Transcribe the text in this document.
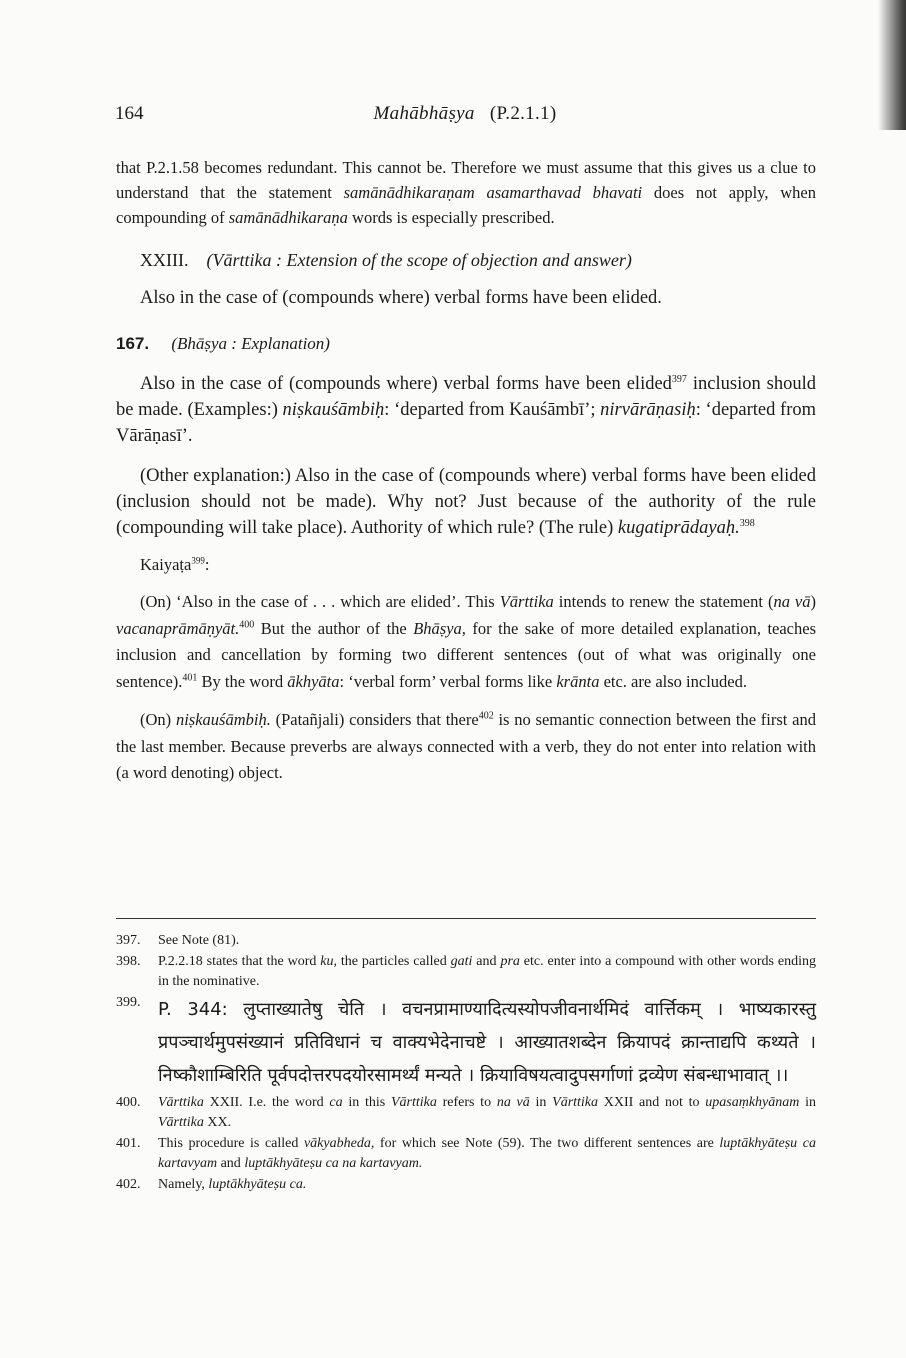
164	Mahābhāṣya (P.2.1.1)

that P.2.1.58 becomes redundant. This cannot be. Therefore we must assume that this gives us a clue to understand that the statement samānādhikaraṇam asamarthavad bhavati does not apply, when compounding of samānādhikaraṇa words is especially prescribed.

XXIII. (Vārttika : Extension of the scope of objection and answer)
Also in the case of (compounds where) verbal forms have been elided.
167. (Bhāṣya : Explanation)

Also in the case of (compounds where) verbal forms have been elided$^{397}$ inclusion should be made. (Examples:) niṣkauśāmbiḥ: ‘departed from Kauśāmbī’; nirvārāṇasiḥ: ‘departed from Vārāṇasī’.

(Other explanation:) Also in the case of (compounds where) verbal forms have been elided (inclusion should not be made). Why not? Just because of the authority of the rule (compounding will take place). Authority of which rule? (The rule) kugatiprādayaḥ.$^{398}$

Kaiyaṭa$^{399}$:

(On) ‘Also in the case of . . . which are elided’. This Vārttika intends to renew the statement (na vā) vacanaprāmāṇyāt.$^{400}$ But the author of the Bhāṣya, for the sake of more detailed explanation, teaches inclusion and cancellation by forming two different sentences (out of what was originally one sentence).$^{401}$ By the word ākhyāta: ‘verbal form’ verbal forms like krānta etc. are also included.

(On) niṣkauśāmbiḥ. (Patañjali) considers that there$^{402}$ is no semantic connection between the first and the last member. Because preverbs are always connected with a verb, they do not enter into relation with (a word denoting) object.

397.	See Note (81).
398.	P.2.2.18 states that the word ku, the particles called gati and pra etc. enter into a compound with other words ending in the nominative.
399. P. 344: लुप्ताख्यातेषु चेति । वचनप्रामाण्यादित्यस्योपजीवनार्थमिदं वार्त्तिकम् । भाष्यकारस्तु प्रपञ्चार्थमुपसंख्यानं प्रतिविधानं च वाक्यभेदेनाचष्टे । आख्यातशब्देन क्रियापदं क्रान्ताद्यपि कथ्यते । निष्कौशाम्बिरिति पूर्वपदोत्तरपदयोरसामर्थ्यं मन्यते । क्रियाविषयत्वादुपसर्गाणां द्रव्येण संबन्धाभावात् ।।
400.	Vārttika XXII. I.e. the word ca in this Vārttika refers to na vā in Vārttika XXII and not to upasaṃkhyānam in Vārttika XX.
401.	This procedure is called vākyabheda, for which see Note (59). The two different sentences are luptākhyāteṣu ca kartavyam and luptākhyāteṣu ca na kartavyam.
402.	Namely, luptākhyāteṣu ca.
